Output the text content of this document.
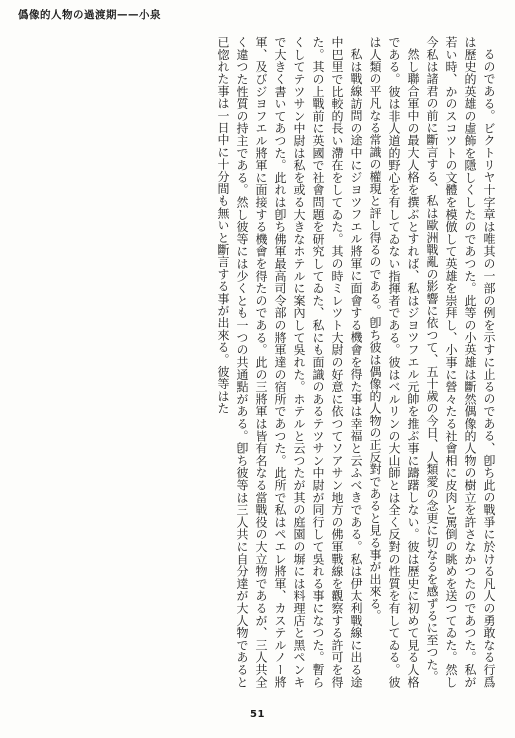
僞像的人物の過渡期——小泉

るのである。ビクトリヤ十字章は唯其の一部の例を示すに止るのである、卽ち此の戰爭に於ける凡人の勇敢なる行爲は歷史的英雄の虛飾を隱しくしたのであつた。此等の小英雄は斷然偶像的人物の樹立を許さなかつたのであつた。私が若い時、かのスコツトの文體を模倣して英雄を崇拜し、小事に營々たる社會相に皮肉と罵倒の眺めを送つてゐた。然し今私は諸君の前に斷言する、私は歐洲戰亂の影響に依つて、五十歲の今日、人類愛の念更に切なるを感ずるに至つた。

然し聯合軍中の最大人格を撰ぶとすれば、私はジヨツフエル元帥を推ぶ事に躊躇しない。彼は歷史に初めて見る人格である。彼は非人道的野心を有してゐない指揮者である。彼はベルリンの大山師とは全く反對の性質を有してゐる。彼は人類の平凡なる常識の權現と評し得るのである。卽ち彼は偶像的人物の正反對であると見る事が出來る。

私は戰線訪問の途中にジヨツフエル將軍に面會する機會を得た事は幸福と云ふべきである。私は伊太利戰線に出る途中巴里で比較的長い滯在をしてゐた。其の時ミレツト大尉の好意に依つてソアサン地方の佛軍戰線を觀察する許可を得た。其の上戰前に英國で社會問題を研究してゐた、私にも面識のあるテツサン中尉が同行して吳れる事になつた。暫らくしてテツサン中尉は私を或る大きなホテルに案內して吳れた。ホテルと云つたが其の庭園の塀には料理店と黑ペンキで大きく書いてあつた。此れは卽ち佛軍最高司令部の將軍達の宿所であつた。此所で私はペエレ將軍、カステルノー將軍、及びジヨフエル將軍に面接する機會を得たのである。此の三將軍は皆有名なる當戰役の大立物であるが、三人共全く違つた性質の持主である。然し彼等には少くとも一つの共通點がある。卽ち彼等は三人共に自分達が大人物であると已惚れた事は一日中に十分間も無いと斷言する事が出來る。彼等はた

51
